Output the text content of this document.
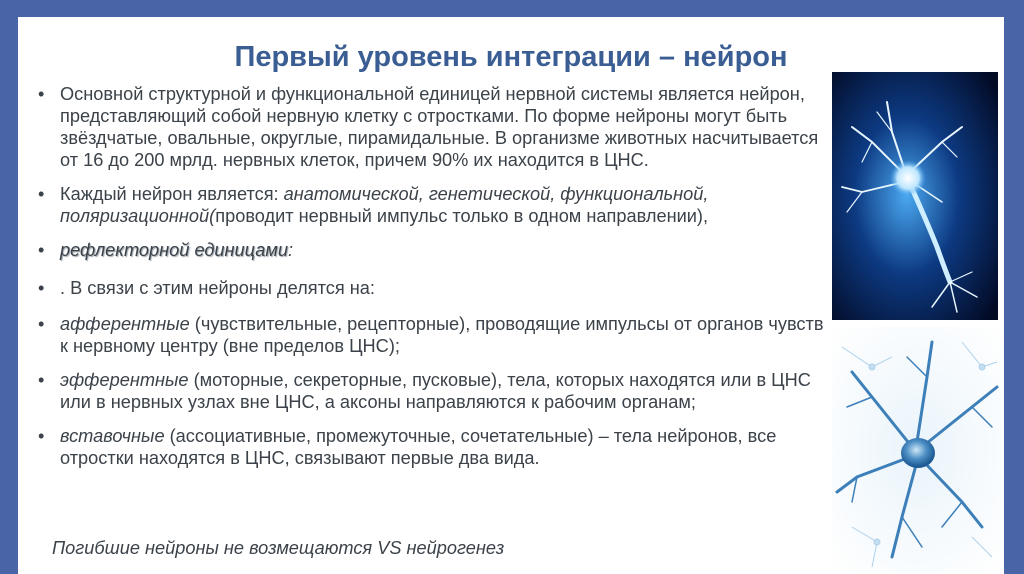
Первый уровень интеграции – нейрон
• Основной структурной и функциональной единицей нервной системы является нейрон, представляющий собой нервную клетку с отростками. По форме нейроны могут быть звёздчатые, овальные, округлые, пирамидальные. В организме животных насчитывается от 16 до 200 мрлд. нервных клеток, причем 90% их находится в ЦНС.
• Каждый нейрон является: анатомической, генетической, функциональной, поляризационной(проводит нервный импульс только в одном направлении),
• рефлекторной единицами:
• . В связи с этим нейроны делятся на:
• афферентные (чувствительные, рецепторные), проводящие импульсы от органов чувств к нервному центру (вне пределов ЦНС);
• эфферентные (моторные, секреторные, пусковые), тела, которых находятся или в ЦНС или в нервных узлах вне ЦНС, а аксоны направляются к рабочим органам;
• вставочные (ассоциативные, промежуточные, сочетательные) – тела нейронов, все отростки находятся в ЦНС, связывают первые два вида.
Погибшие нейроны не возмещаются VS нейрогенез
